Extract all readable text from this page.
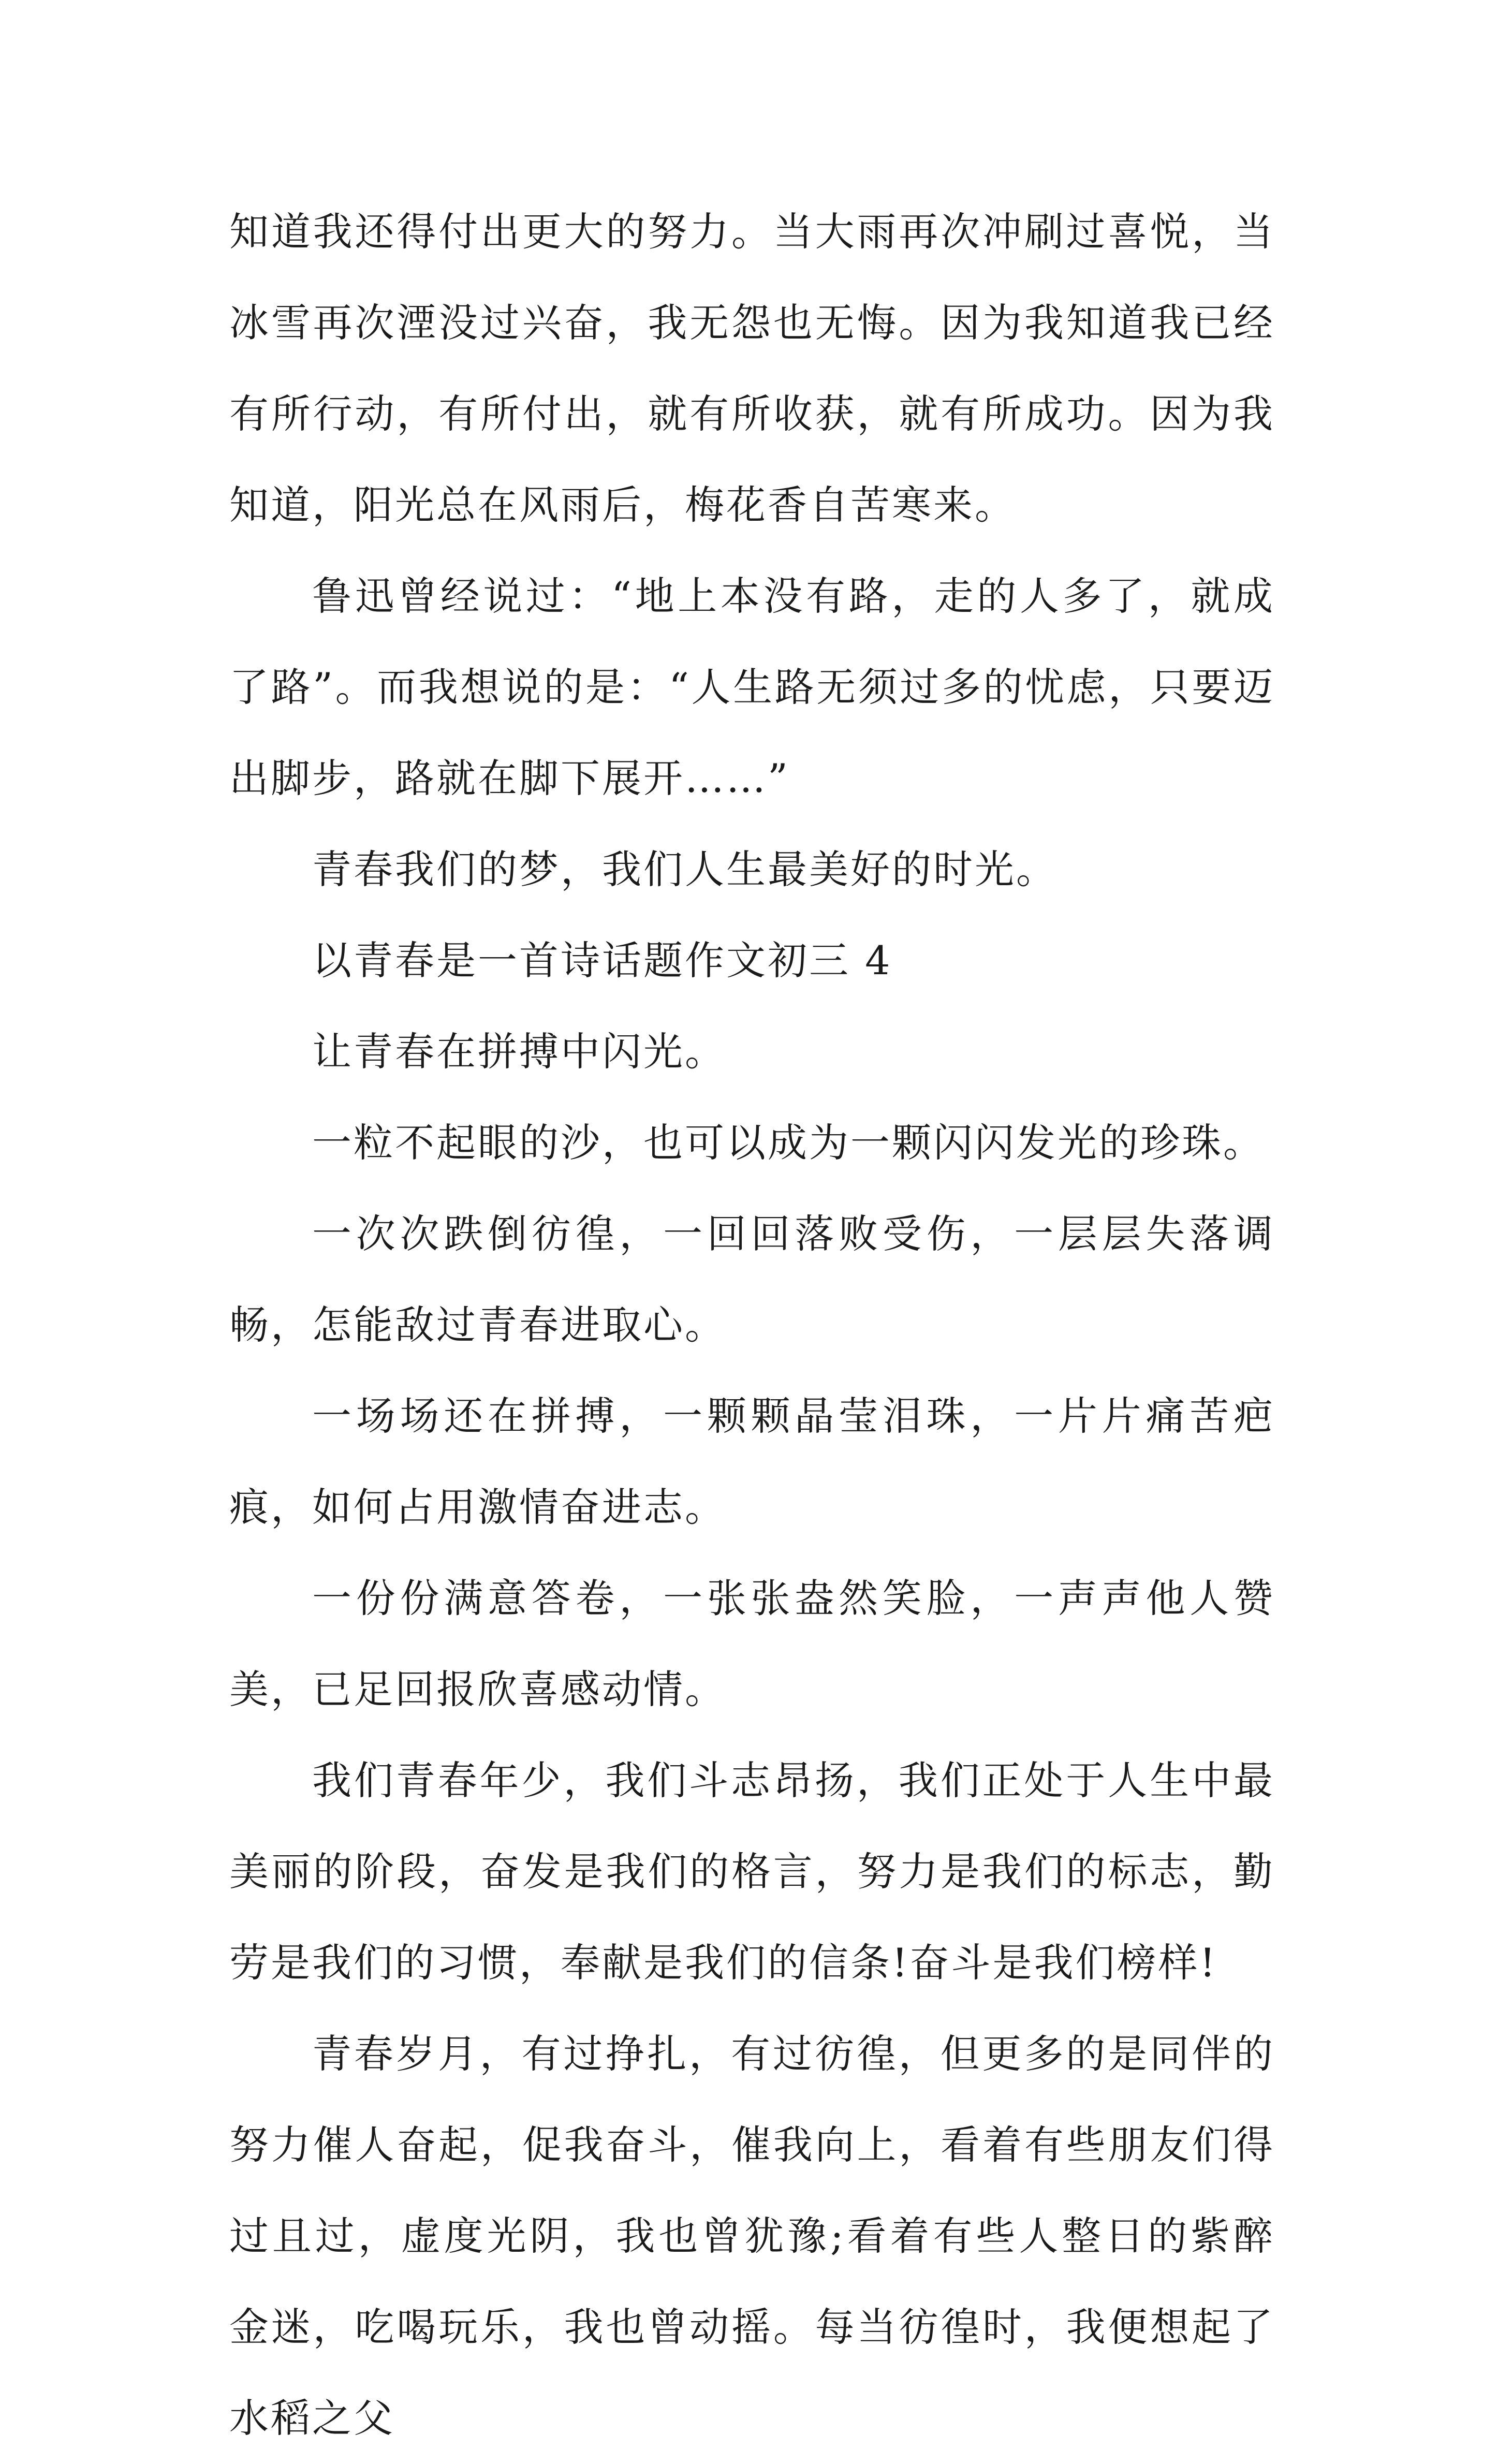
知道我还得付出更大的努力。当大雨再次冲刷过喜悦，当冰雪再次湮没过兴奋，我无怨也无悔。因为我知道我已经有所行动，有所付出，就有所收获，就有所成功。因为我知道，阳光总在风雨后，梅花香自苦寒来。

鲁迅曾经说过：“地上本没有路，走的人多了，就成了路”。而我想说的是：“人生路无须过多的忧虑，只要迈出脚步，路就在脚下展开……”

青春我们的梦，我们人生最美好的时光。

以青春是一首诗话题作文初三 4

让青春在拼搏中闪光。

一粒不起眼的沙，也可以成为一颗闪闪发光的珍珠。

一次次跌倒彷徨，一回回落败受伤，一层层失落调畅，怎能敌过青春进取心。

一场场还在拼搏，一颗颗晶莹泪珠，一片片痛苦疤痕，如何占用激情奋进志。

一份份满意答卷，一张张盎然笑脸，一声声他人赞美，已足回报欣喜感动情。

我们青春年少，我们斗志昂扬，我们正处于人生中最美丽的阶段，奋发是我们的格言，努力是我们的标志，勤劳是我们的习惯，奉献是我们的信条!奋斗是我们榜样!

青春岁月，有过挣扎，有过彷徨，但更多的是同伴的努力催人奋起，促我奋斗，催我向上，看着有些朋友们得过且过，虚度光阴，我也曾犹豫;看着有些人整日的紫醉金迷，吃喝玩乐，我也曾动摇。每当彷徨时，我便想起了水稻之父
